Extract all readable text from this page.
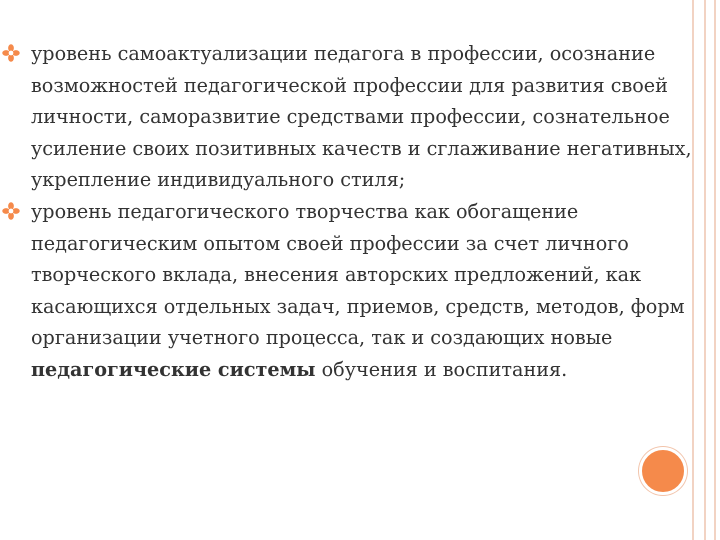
уровень самоактуализации педагога в профессии, осознание возможностей педагогической профессии для развития своей личности, саморазвитие средствами профессии, сознательное усиление своих позитивных качеств и сглаживание негативных, укрепление индивидуального стиля;
уровень педагогического творчества как обогащение педагогическим опытом своей профессии за счет личного творческого вклада, внесения авторских предложений, как касающихся отдельных задач, приемов, средств, методов, форм организации учетного процесса, так и создающих новые педагогические системы обучения и воспитания.
